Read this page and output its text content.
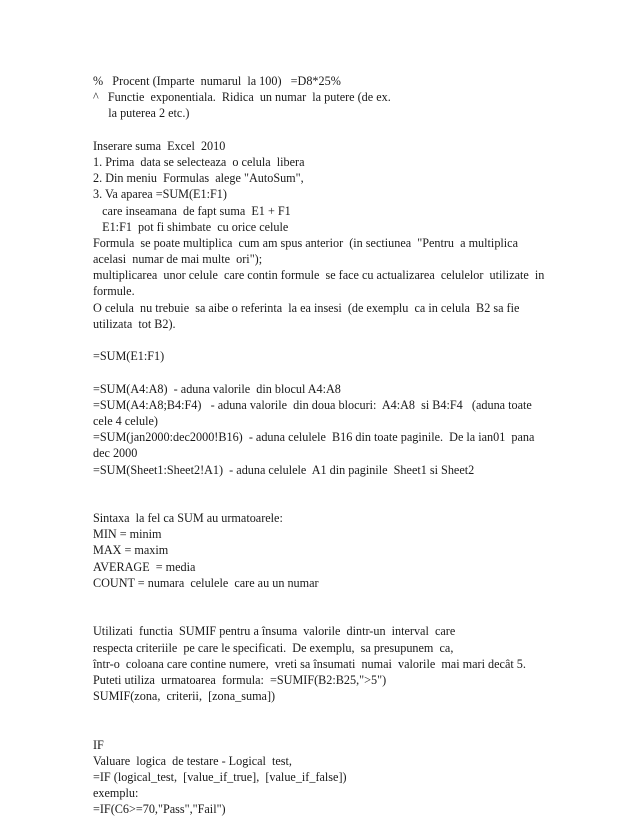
%   Procent (Imparte  numarul  la 100)   =D8*25%
^   Functie  exponentiala.  Ridica  un numar  la putere (de ex.
la puterea 2 etc.)
Inserare suma  Excel  2010
1. Prima  data se selecteaza  o celula  libera
2. Din meniu  Formulas  alege "AutoSum",
3. Va aparea =SUM(E1:F1)
care inseamana  de fapt suma  E1 + F1
E1:F1  pot fi shimbate  cu orice celule
Formula  se poate multiplica  cum am spus anterior  (in sectiunea  "Pentru  a multiplica
acelasi  numar de mai multe  ori");
multiplicarea  unor celule  care contin formule  se face cu actualizarea  celulelor  utilizate  in
formule.
O celula  nu trebuie  sa aibe o referinta  la ea insesi  (de exemplu  ca in celula  B2 sa fie
utilizata  tot B2).
=SUM(E1:F1)
=SUM(A4:A8)  - aduna valorile  din blocul A4:A8
=SUM(A4:A8;B4:F4)   - aduna valorile  din doua blocuri:  A4:A8  si B4:F4   (aduna toate
cele 4 celule)
=SUM(jan2000:dec2000!B16)  - aduna celulele  B16 din toate paginile.  De la ian01  pana
dec 2000
=SUM(Sheet1:Sheet2!A1)  - aduna celulele  A1 din paginile  Sheet1 si Sheet2
Sintaxa  la fel ca SUM au urmatoarele:
MIN = minim
MAX = maxim
AVERAGE  = media
COUNT = numara  celulele  care au un numar
Utilizati  functia  SUMIF pentru a însuma  valorile  dintr-un  interval  care
respecta criteriile  pe care le specificati.  De exemplu,  sa presupunem  ca,
într-o  coloana care contine numere,  vreti sa însumati  numai  valorile  mai mari decât 5.
Puteti utiliza  urmatoarea  formula:  =SUMIF(B2:B25,">5")
SUMIF(zona,  criterii,  [zona_suma])
IF
Valuare  logica  de testare - Logical  test,
=IF (logical_test,  [value_if_true],  [value_if_false])
exemplu:
=IF(C6>=70,"Pass","Fail")
